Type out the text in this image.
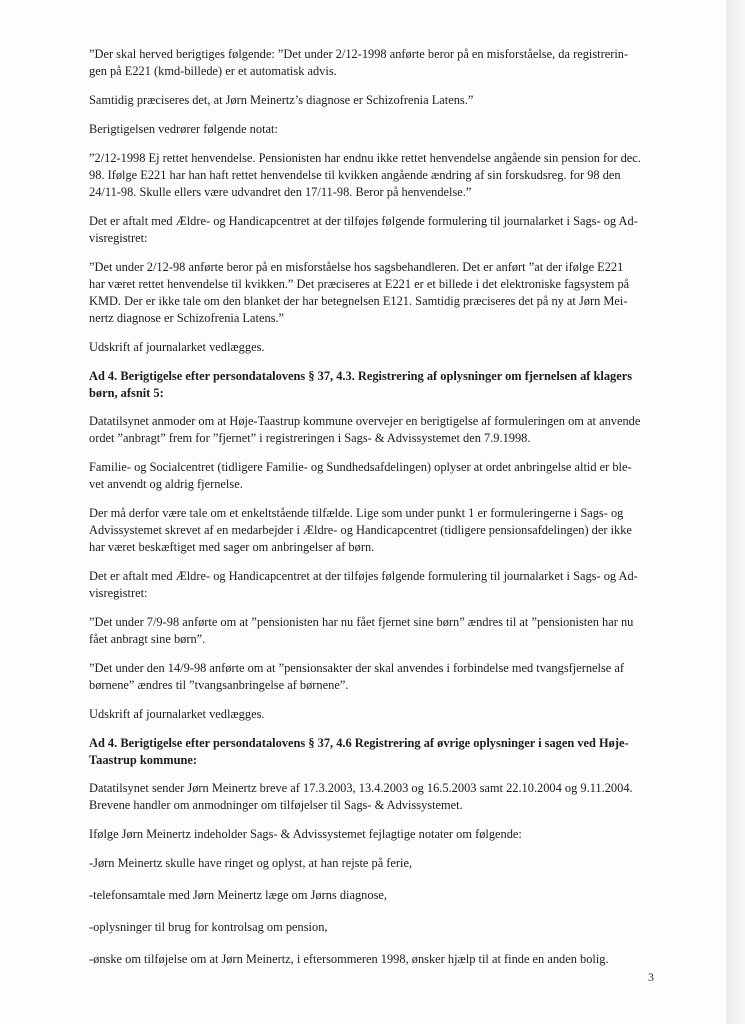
”Der skal herved berigtiges følgende: ”Det under 2/12-1998 anførte beror på en misforståelse, da registrerin-
gen på E221 (kmd-billede) er et automatisk advis.

Samtidig præciseres det, at Jørn Meinertz’s diagnose er Schizofrenia Latens.”

Berigtigelsen vedrører følgende notat:

”2/12-1998 Ej rettet henvendelse. Pensionisten har endnu ikke rettet henvendelse angående sin pension for dec.
98. Ifølge E221 har han haft rettet henvendelse til kvikken angående ændring af sin forskudsreg. for 98 den
24/11-98. Skulle ellers være udvandret den 17/11-98. Beror på henvendelse.”

Det er aftalt med Ældre- og Handicapcentret at der tilføjes følgende formulering til journalarket i Sags- og Ad-
visregistret:

”Det under 2/12-98 anførte beror på en misforståelse hos sagsbehandleren. Det er anført ”at der ifølge E221
har været rettet henvendelse til kvikken.” Det præciseres at E221 er et billede i det elektroniske fagsystem på
KMD. Der er ikke tale om den blanket der har betegnelsen E121. Samtidig præciseres det på ny at Jørn Mei-
nertz diagnose er Schizofrenia Latens.”

Udskrift af journalarket vedlægges.

Ad 4. Berigtigelse efter persondatalovens § 37, 4.3. Registrering af oplysninger om fjernelsen af klagers
børn, afsnit 5:

Datatilsynet anmoder om at Høje-Taastrup kommune overvejer en berigtigelse af formuleringen om at anvende
ordet ”anbragt” frem for ”fjernet” i registreringen i Sags- & Advissystemet den 7.9.1998.

Familie- og Socialcentret (tidligere Familie- og Sundhedsafdelingen) oplyser at ordet anbringelse altid er ble-
vet anvendt og aldrig fjernelse.

Der må derfor være tale om et enkeltstående tilfælde. Lige som under punkt 1 er formuleringerne i Sags- og
Advissystemet skrevet af en medarbejder i Ældre- og Handicapcentret (tidligere pensionsafdelingen) der ikke
har været beskæftiget med sager om anbringelser af børn.

Det er aftalt med Ældre- og Handicapcentret at der tilføjes følgende formulering til journalarket i Sags- og Ad-
visregistret:

”Det under 7/9-98 anførte om at ”pensionisten har nu fået fjernet sine børn” ændres til at ”pensionisten har nu
fået anbragt sine børn”.

”Det under den 14/9-98 anførte om at ”pensionsakter der skal anvendes i forbindelse med tvangsfjernelse af
børnene” ændres til ”tvangsanbringelse af børnene”.

Udskrift af journalarket vedlægges.

Ad 4. Berigtigelse efter persondatalovens § 37, 4.6 Registrering af øvrige oplysninger i sagen ved Høje-
Taastrup kommune:

Datatilsynet sender Jørn Meinertz breve af 17.3.2003, 13.4.2003 og 16.5.2003 samt 22.10.2004 og 9.11.2004.
Brevene handler om anmodninger om tilføjelser til Sags- & Advissystemet.

Ifølge Jørn Meinertz indeholder Sags- & Advissystemet fejlagtige notater om følgende:

-Jørn Meinertz skulle have ringet og oplyst, at han rejste på ferie,

-telefonsamtale med Jørn Meinertz læge om Jørns diagnose,

-oplysninger til brug for kontrolsag om pension,

-ønske om tilføjelse om at Jørn Meinertz, i eftersommeren 1998, ønsker hjælp til at finde en anden bolig.

3
